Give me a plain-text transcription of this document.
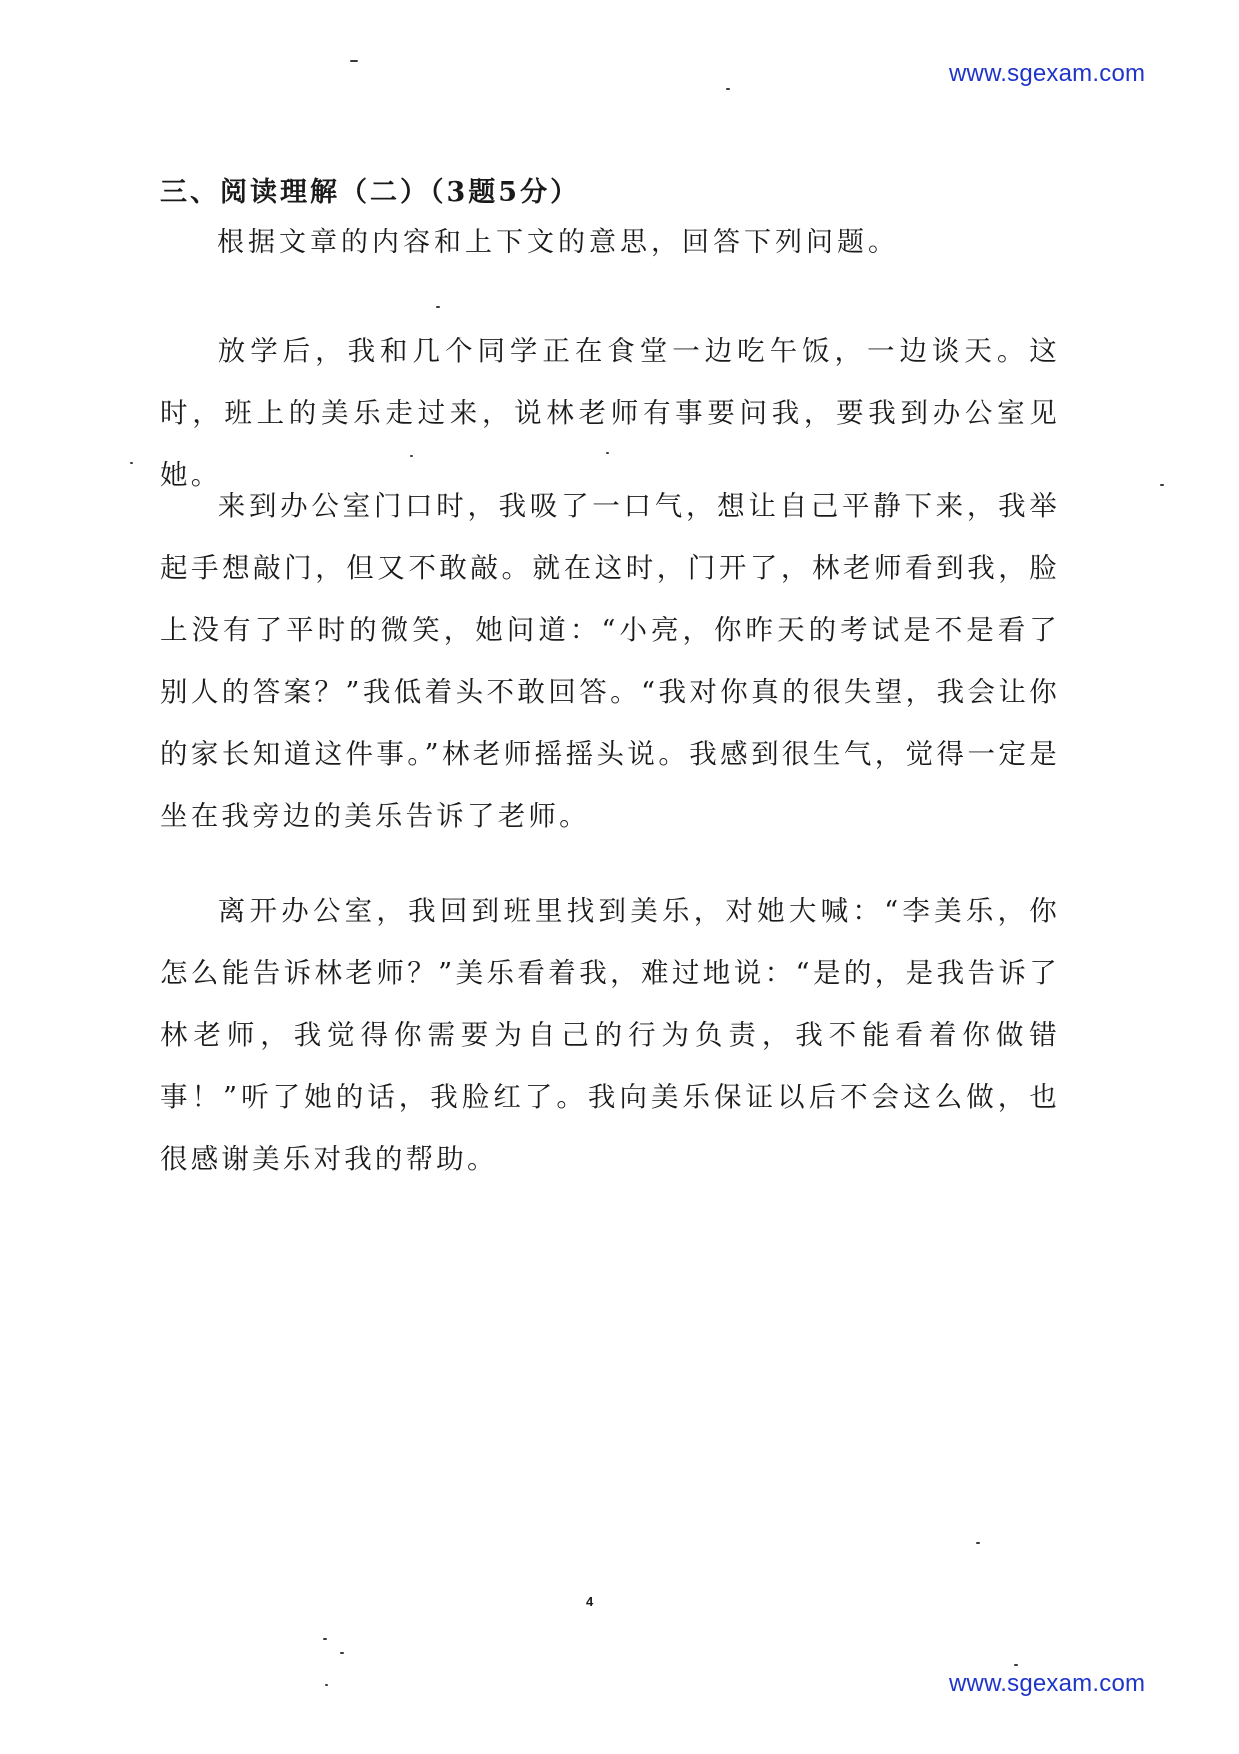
www.sgexam.com
三、阅读理解（二）（3题5分）
根据文章的内容和上下文的意思，回答下列问题。

放学后，我和几个同学正在食堂一边吃午饭，一边谈天。这时，班上的美乐走过来，说林老师有事要问我，要我到办公室见她。

来到办公室门口时，我吸了一口气，想让自己平静下来，我举起手想敲门，但又不敢敲。就在这时，门开了，林老师看到我，脸上没有了平时的微笑，她问道：“小亮，你昨天的考试是不是看了别人的答案？”我低着头不敢回答。“我对你真的很失望，我会让你的家长知道这件事。”林老师摇摇头说。我感到很生气，觉得一定是坐在我旁边的美乐告诉了老师。

离开办公室，我回到班里找到美乐，对她大喊：“李美乐，你怎么能告诉林老师？”美乐看着我，难过地说：“是的，是我告诉了林老师，我觉得你需要为自己的行为负责，我不能看着你做错事！”听了她的话，我脸红了。我向美乐保证以后不会这么做，也很感谢美乐对我的帮助。

4
www.sgexam.com
